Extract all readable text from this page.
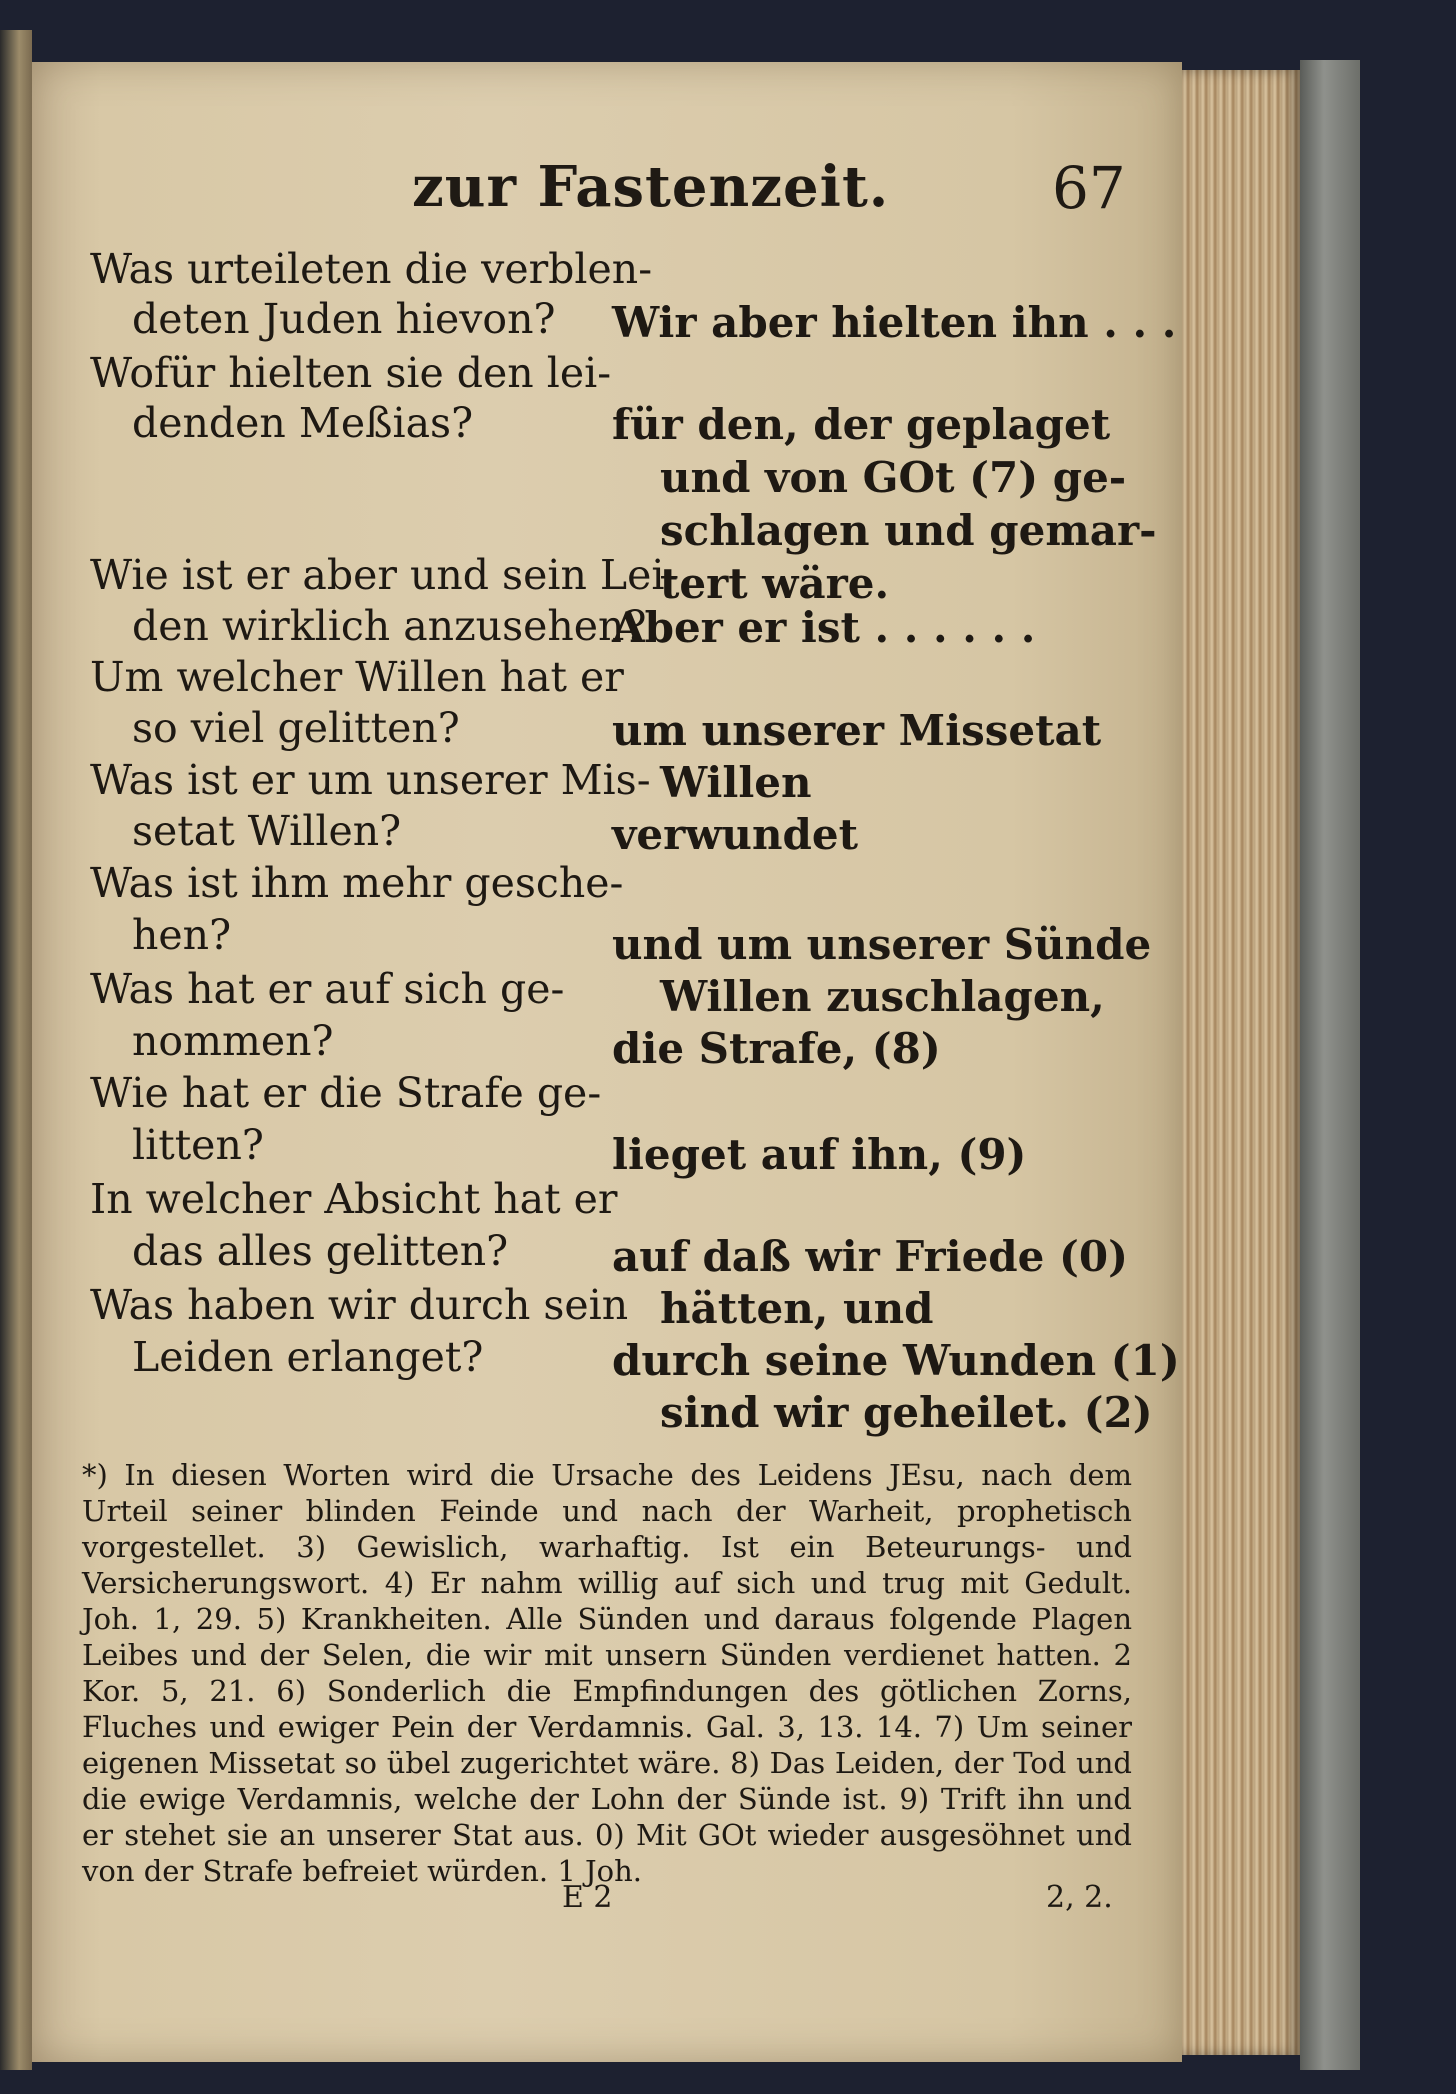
zur Fastenzeit.	67
Was urteileten die verblen-
deten Juden hievon?
Wofür hielten sie den lei-
denden Meßias?
Wie ist er aber und sein Lei-
den wirklich anzusehen?
Um welcher Willen hat er
so viel gelitten?
Was ist er um unserer Mis-
setat Willen?
Was ist ihm mehr gesche-
hen?
Was hat er auf sich ge-
nommen?
Wie hat er die Strafe ge-
litten?
In welcher Absicht hat er
das alles gelitten?
Was haben wir durch sein
Leiden erlanget?
Wir aber hielten ihn . . .
für den, der geplaget
und von GOt (7) ge-
schlagen und gemar-
tert wäre.
Aber er ist . . . . . .
um unserer Missetat
Willen
verwundet
und um unserer Sünde
Willen zuschlagen,
die Strafe, (8)
lieget auf ihn, (9)
auf daß wir Friede (0)
hätten, und
durch seine Wunden (1)
sind wir geheilet. (2)
*) In diesen Worten wird die Ursache des Leidens JEsu, nach dem Urteil seiner blinden Feinde und nach der Warheit, prophetisch vorgestellet. 3) Gewislich, warhaftig. Ist ein Beteurungs- und Versicherungswort. 4) Er nahm willig auf sich und trug mit Gedult. Joh. 1, 29. 5) Krankheiten. Alle Sünden und daraus folgende Plagen Leibes und der Selen, die wir mit unsern Sünden verdienet hatten. 2 Kor. 5, 21. 6) Sonderlich die Empfindungen des götlichen Zorns, Fluches und ewiger Pein der Verdamnis. Gal. 3, 13. 14. 7) Um seiner eigenen Missetat so übel zugerichtet wäre. 8) Das Leiden, der Tod und die ewige Verdamnis, welche der Lohn der Sünde ist. 9) Trift ihn und er stehet sie an unserer Stat aus. 0) Mit GOt wieder ausgesöhnet und von der Strafe befreiet würden. 1 Joh.
E 2	2, 2.
